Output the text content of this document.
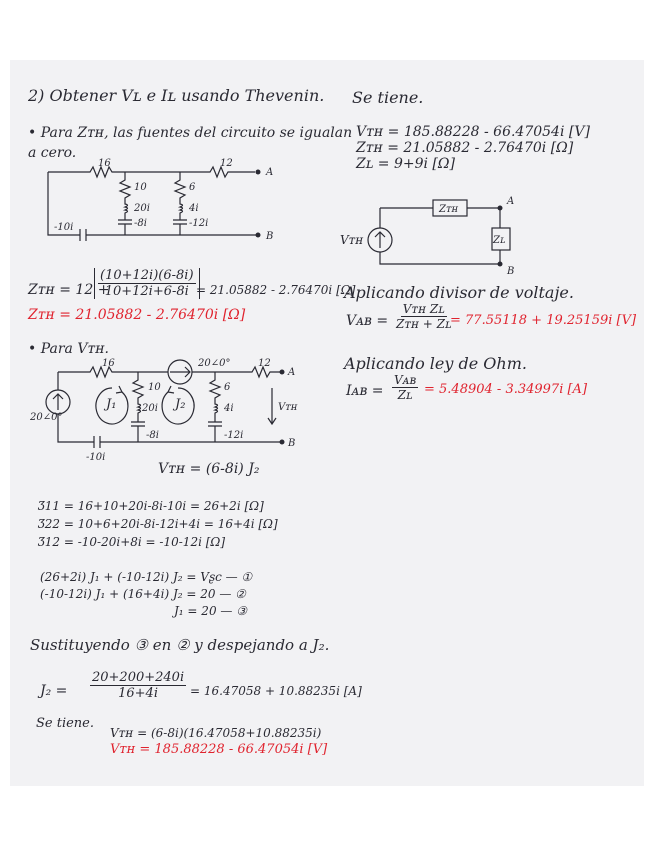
2) Obtener Vʟ e Iʟ usando Thevenin.
• Para Zᴛʜ, las fuentes del circuito se igualan
a cero.
16	12
A
B
10
20i
-8i
6
4i
-12i
-10i
Zᴛʜ = 12 +
$\frac{(10+12i)(6-8i)}{10+12i+6-8i}$
= 21.05882 - 2.76470i [Ω]
Zᴛʜ = 21.05882 - 2.76470i [Ω]
• Para Vᴛʜ.
16	20∠0°	12
A
B
10
20i
-8i
6
4i
-12i
-10i
20∠0°
J₁	J₂	Vᴛʜ
Vᴛʜ = (6-8i) J₂
Ʒ11 = 16+10+20i-8i-10i = 26+2i [Ω]
Ʒ22 = 10+6+20i-8i-12i+4i = 16+4i [Ω]
Ʒ12 = -10-20i+8i = -10-12i [Ω]
(26+2i) J₁ + (-10-12i) J₂ = Vʂc — ①
(-10-12i) J₁ + (16+4i) J₂ = 20 — ②
J₁ = 20 — ③
Sustituyendo ③ en ② y despejando a J₂.
$J_2 = \frac{20+200+240i}{16+4i} = 16.47058 + 10.88235i$ [A]
Se tiene.
Vᴛʜ = (6-8i)(16.47058+10.88235i)
Vᴛʜ = 185.88228 - 66.47054i [V]
Se tiene.
Vᴛʜ = 185.88228 - 66.47054i [V]
Zᴛʜ = 21.05882 - 2.76470i [Ω]
Zʟ = 9+9i [Ω]
Zᴛʜ
Zʟ
Vᴛʜ
A
B
Aplicando divisor de voltaje.
Vᴀʙ =
Vᴛʜ Zʟ
Zᴛʜ + Zʟ
= 77.55118 + 19.25159i [V]
Aplicando ley de Ohm.
Iᴀʙ =
Vᴀʙ
Zʟ = 5.48904 - 3.34997i [A]
